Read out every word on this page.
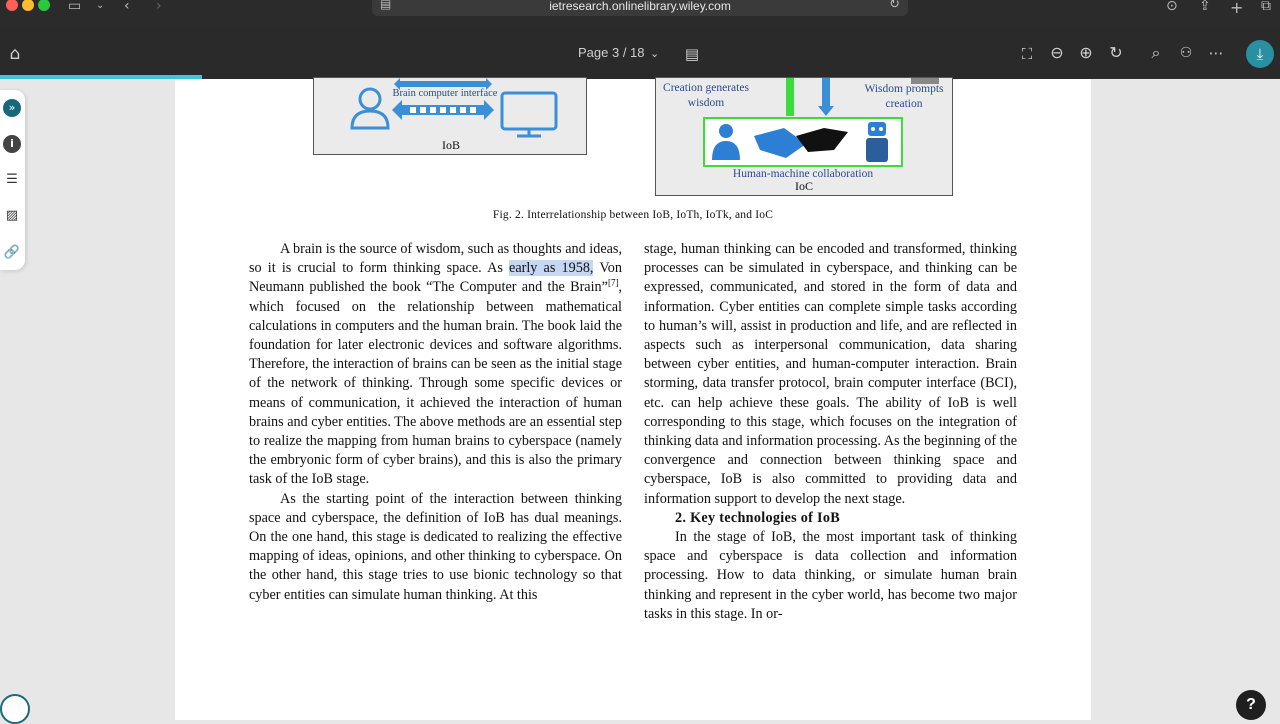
▭ ⌄ ‹ ›	▤	ietresearch.onlinelibrary.wiley.com	↻	⊙ ⇪ + ⧉
⌂	Page 3 / 18 ⌄ ▤	⛶ ⊖ ⊕ ↻	⌕	⚇	⋯	⤓
»
i
☰
▨
🔗
Brain computer interface
IoB
Creation generates
wisdom
Wisdom prompts
creation
Human-machine collaboration
IoC
Fig. 2. Interrelationship between IoB, IoTh, IoTk, and IoC

A brain is the source of wisdom, such as thoughts and ideas, so it is crucial to form thinking space. As early as 1958, Von Neumann published the book “The Computer and the Brain”[7], which focused on the relationship between mathematical calculations in computers and the human brain. The book laid the foundation for later electronic devices and software algorithms. Therefore, the interaction of brains can be seen as the initial stage of the network of thinking. Through some specific devices or means of communication, it achieved the interaction of human brains and cyber entities. The above methods are an essential step to realize the mapping from human brains to cyberspace (namely the embryonic form of cyber brains), and this is also the primary task of the IoB stage.

As the starting point of the interaction between thinking space and cyberspace, the definition of IoB has dual meanings. On the one hand, this stage is dedicated to realizing the effective mapping of ideas, opinions, and other thinking to cyberspace. On the other hand, this stage tries to use bionic technology so that cyber entities can simulate human thinking. At this

stage, human thinking can be encoded and transformed, thinking processes can be simulated in cyberspace, and thinking can be expressed, communicated, and stored in the form of data and information. Cyber entities can complete simple tasks according to human’s will, assist in production and life, and are reflected in aspects such as interpersonal communication, data sharing between cyber entities, and human-computer interaction. Brain storming, data transfer protocol, brain computer interface (BCI), etc. can help achieve these goals. The ability of IoB is well corresponding to this stage, which focuses on the integration of thinking data and information processing. As the beginning of the convergence and connection between thinking space and cyberspace, IoB is also committed to providing data and information support to develop the next stage.

2. Key technologies of IoB

In the stage of IoB, the most important task of thinking space and cyberspace is data collection and information processing. How to data thinking, or simulate human brain thinking and represent in the cyber world, has become two major tasks in this stage. In or-

?
